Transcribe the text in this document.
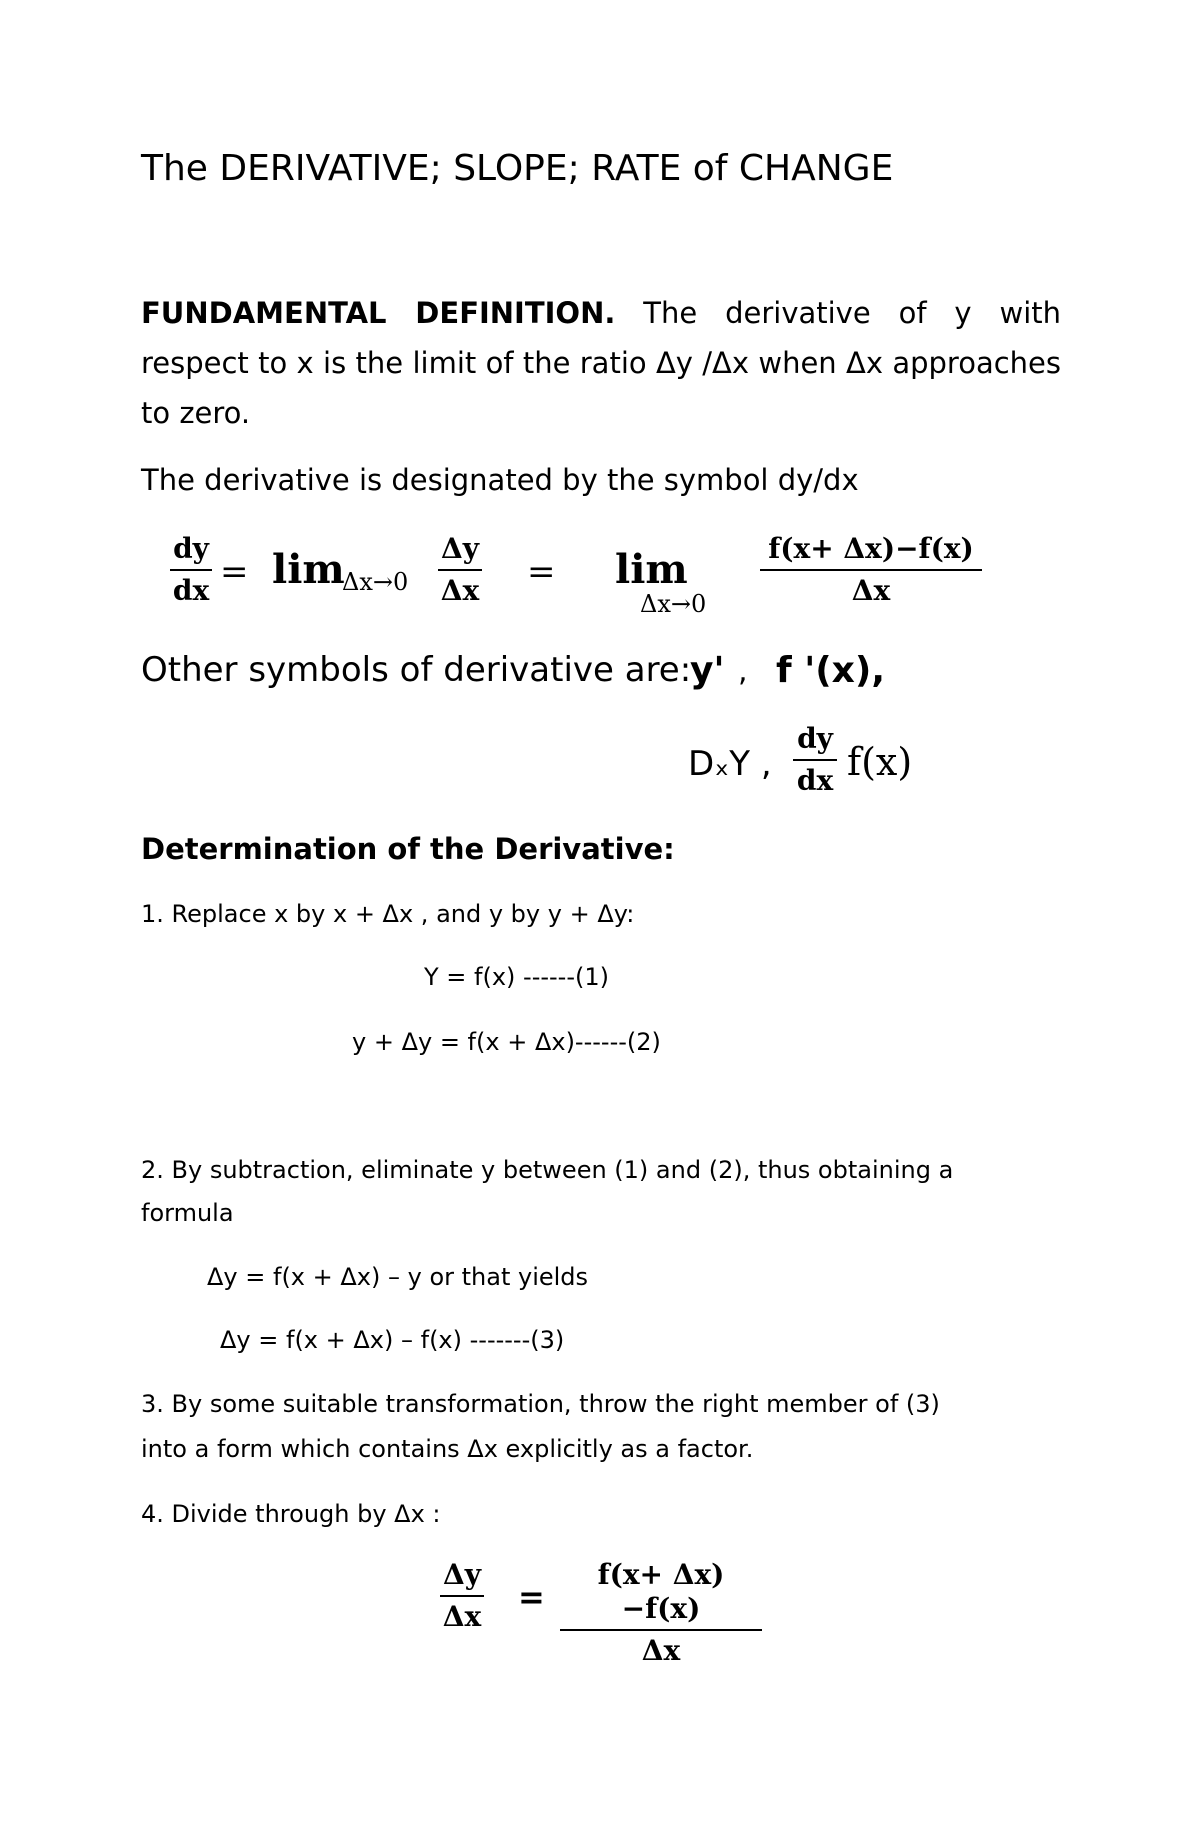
The DERIVATIVE; SLOPE; RATE of CHANGE
FUNDAMENTAL DEFINITION. The derivative of y with respect to x is the limit of the ratio Δy /Δx when Δx approaches to zero.
The derivative is designated by the symbol dy/dx
dy
dx = lim
Δx→0
Δy
Δx = lim
Δx→0
f(x+ Δx)−f(x)
Δx
Other symbols of derivative are:
y' , f '(x),
DₓY ,
dy
dx f(x)
Determination of the Derivative:
1. Replace x by x + Δx , and y by y + Δy:
Y = f(x) ------(1)
y + Δy = f(x + Δx)------(2)
2. By subtraction, eliminate y between (1) and (2), thus obtaining a
formula
Δy = f(x + Δx) – y or that yields
Δy = f(x + Δx) – f(x) -------(3)
3. By some suitable transformation, throw the right member of (3)
into a form which contains Δx explicitly as a factor.
4. Divide through by Δx :
Δy
Δx
=
f(x+ Δx)−f(x)
Δx
